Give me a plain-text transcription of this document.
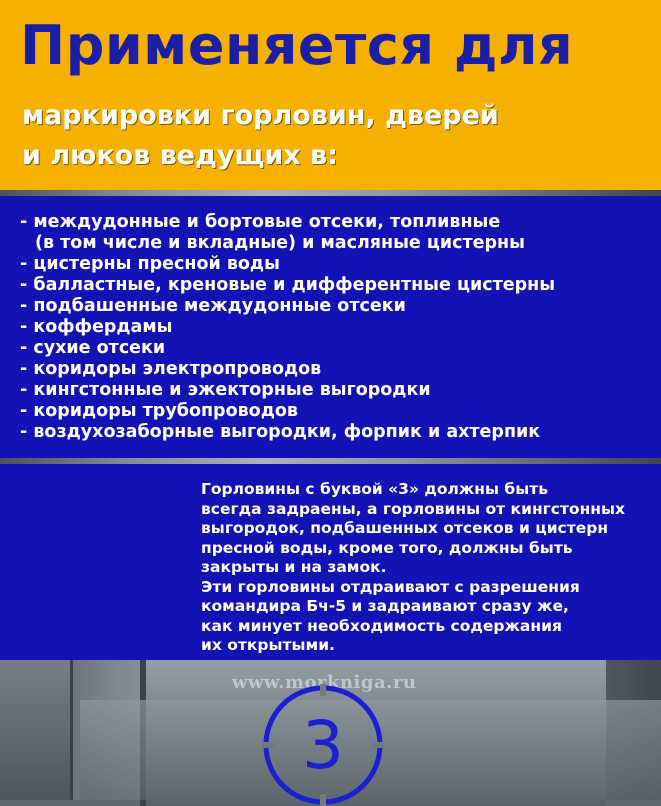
Применяется для
маркировки горловин, дверей
и люков ведущих в:
- междудонные и бортовые отсеки, топливные
(в том числе и вкладные) и масляные цистерны
- цистерны пресной воды
- балластные, креновые и дифферентные цистерны
- подбашенные междудонные отсеки
- коффердамы
- сухие отсеки
- коридоры электропроводов
- кингстонные и эжекторные выгородки
- коридоры трубопроводов
- воздухозаборные выгородки, форпик и ахтерпик
Горловины с буквой «3» должны быть
всегда задраены, а горловины от кингстонных
выгородок, подбашенных отсеков и цистерн
пресной воды, кроме того, должны быть
закрыты и на замок.
Эти горловины отдраивают с разрешения
командира Бч-5 и задраивают сразу же,
как минует необходимость содержания
их открытыми.
www.morkniga.ru
3
